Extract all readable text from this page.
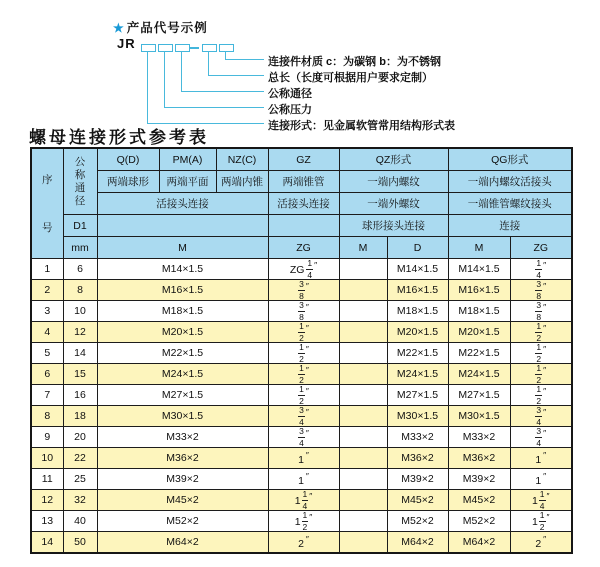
★ 产品代号示例
JR
连接件材质 c：为碳钢 b：为不锈钢
总长（长度可根据用户要求定制）
公称通径
公称压力
连接形式：见金属软管常用结构形式表
螺母连接形式参考表
序
号	公
称
通
径	Q(D)	PM(A)	NZ(C)	GZ	QZ形式		QG形式	
		两端球形	两端平面	两端内锥	两端锥管	一端内螺纹		一端内螺纹活接头	
		活接头连接			活接头连接	一端外螺纹		一端锥管螺纹接头	
	D1					球形接头连接		连接	
	mm	M			ZG	M	D	M	ZG
1	6	M14×1.5			ZG $\frac{1}{4} ''$		M14×1.5	M14×1.5	$\frac{1}{4} ''$
2	8	M16×1.5			$\frac{3}{8} ''$		M16×1.5	M16×1.5	$\frac{3}{8} ''$
3	10	M18×1.5			$\frac{3}{8} ''$		M18×1.5	M18×1.5	$\frac{3}{8} ''$
4	12	M20×1.5			$\frac{1}{2} ''$		M20×1.5	M20×1.5	$\frac{1}{2} ''$
5	14	M22×1.5			$\frac{1}{2} ''$		M22×1.5	M22×1.5	$\frac{1}{2} ''$
6	15	M24×1.5			$\frac{1}{2} ''$		M24×1.5	M24×1.5	$\frac{1}{2} ''$
7	16	M27×1.5			$\frac{1}{2} ''$		M27×1.5	M27×1.5	$\frac{1}{2} ''$
8	18	M30×1.5			$\frac{3}{4} ''$		M30×1.5	M30×1.5	$\frac{3}{4} ''$
9	20	M33×2			$\frac{3}{4} ''$		M33×2	M33×2	$\frac{3}{4} ''$
10	22	M36×2			1 ″		M36×2	M36×2	1 ″
11	25	M39×2			1 ″		M39×2	M39×2	1 ″
12	32	M45×2			$1 \frac{1}{4} ''$		M45×2	M45×2	$1 \frac{1}{4} ''$
13	40	M52×2			$1 \frac{1}{2} ''$		M52×2	M52×2	$1 \frac{1}{2} ''$
14	50	M64×2			2 ″		M64×2	M64×2	2 ″
